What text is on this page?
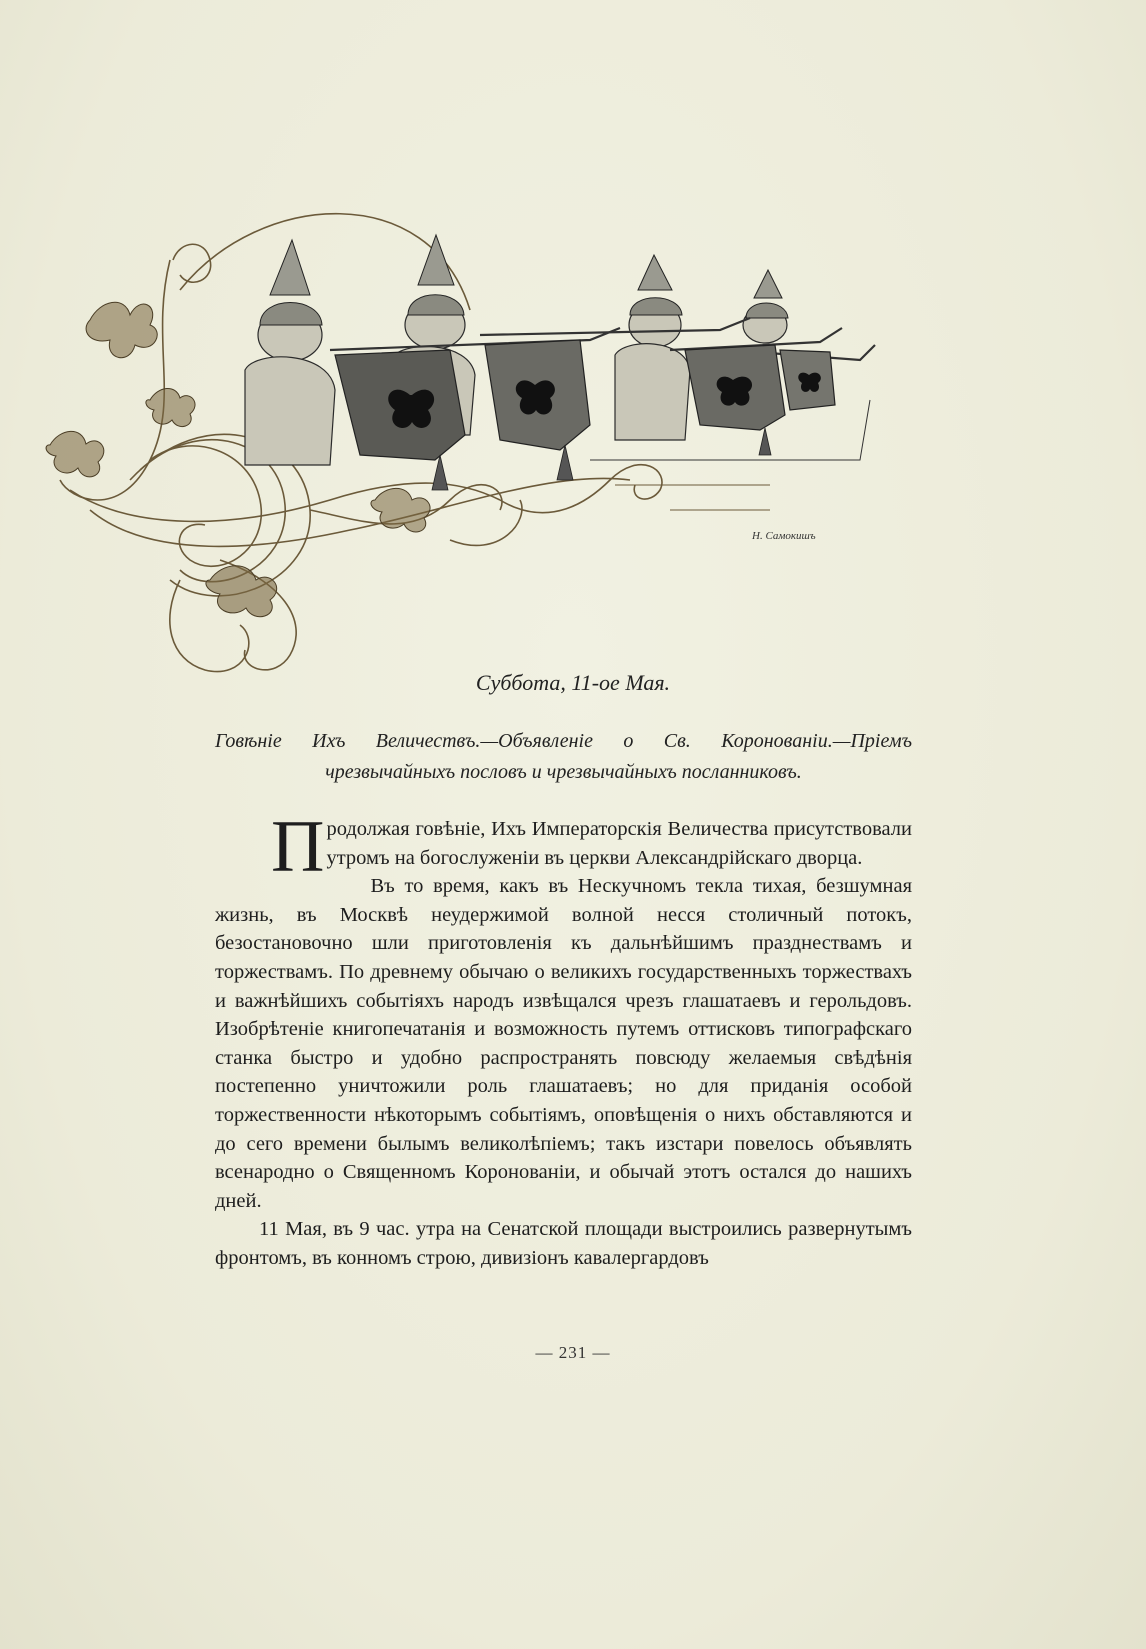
Н. Самокишъ
Суббота, 11-ое Мая.
Говѣніе Ихъ Величествъ.—Объявленіе о Св. Коронованіи.—Пріемъ чрезвычайныхъ пословъ и чрезвычайныхъ посланниковъ.

Продолжая говѣніе, Ихъ Императорскія Величества присутствовали утромъ на богослуженіи въ церкви Александрійскаго дворца.

Въ то время, какъ въ Нескучномъ текла тихая, безшумная жизнь, въ Москвѣ неудержимой волной несся столичный потокъ, безостановочно шли приготовленія къ дальнѣйшимъ празднествамъ и торжествамъ. По древнему обычаю о великихъ государственныхъ торжествахъ и важнѣйшихъ событіяхъ народъ извѣщался чрезъ глашатаевъ и герольдовъ. Изобрѣтеніе книгопечатанія и возможность путемъ оттисковъ типографскаго станка быстро и удобно распространять повсюду желаемыя свѣдѣнія постепенно уничтожили роль глашатаевъ; но для приданія особой торжественности нѣкоторымъ событіямъ, оповѣщенія о нихъ обставляются и до сего времени былымъ великолѣпіемъ; такъ изстари повелось объявлять всенародно о Священномъ Коронованіи, и обычай этотъ остался до нашихъ дней.

11 Мая, въ 9 час. утра на Сенатской площади выстроились развернутымъ фронтомъ, въ конномъ строю, дивизіонъ кавалергардовъ

— 231 —
